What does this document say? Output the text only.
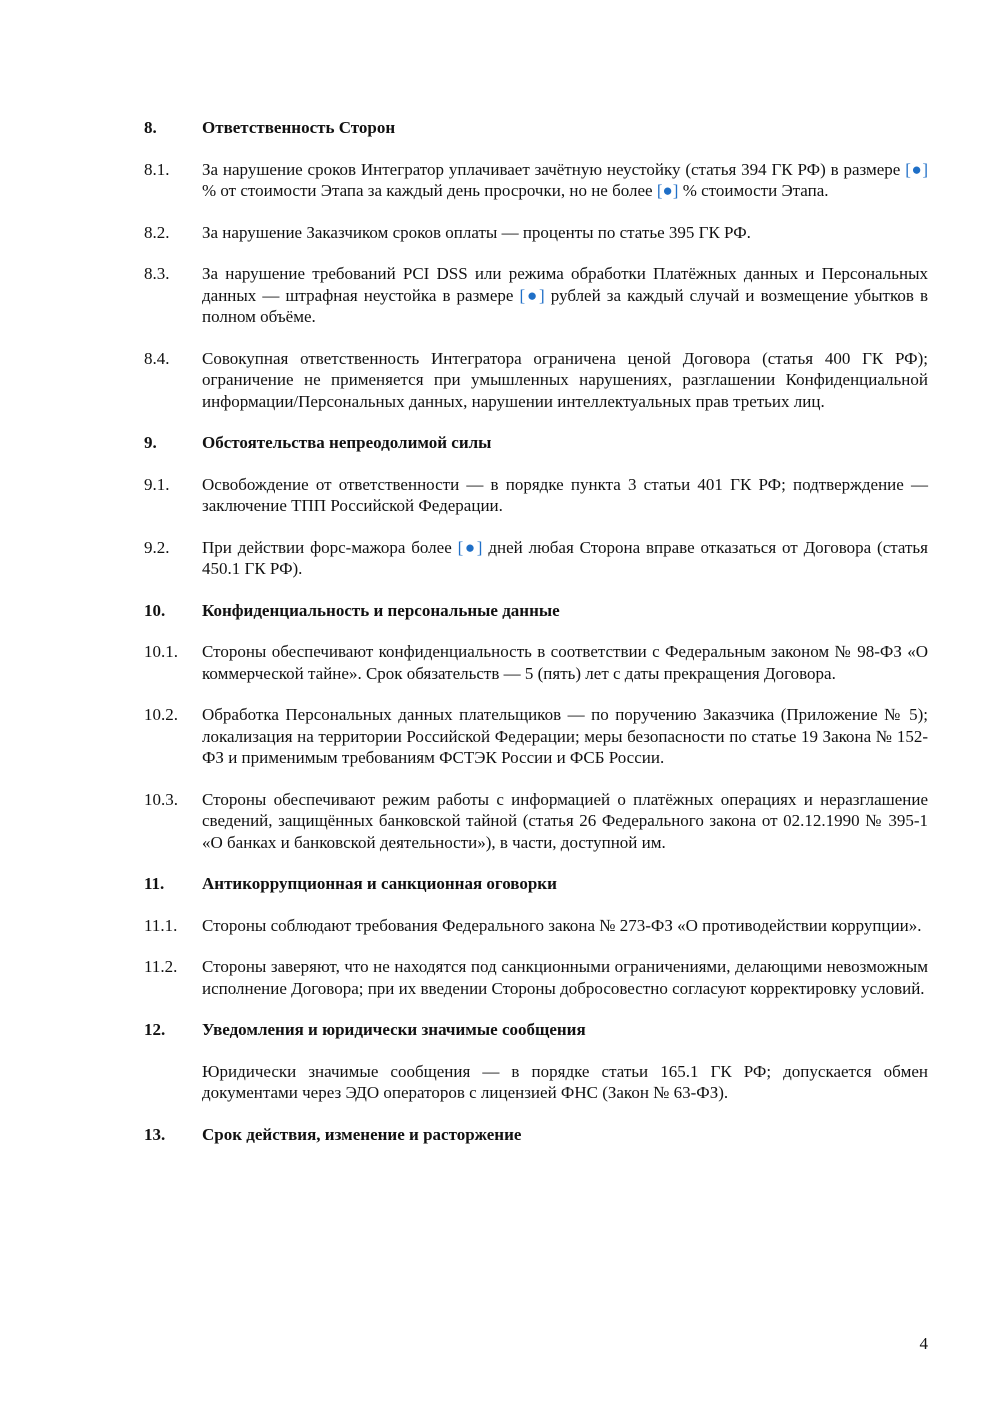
8.	Ответственность Сторон
8.1.	За нарушение сроков Интегратор уплачивает зачётную неустойку (статья 394 ГК РФ) в размере [●] % от стоимости Этапа за каждый день просрочки, но не более [●] % стоимости Этапа.
8.2.	За нарушение Заказчиком сроков оплаты — проценты по статье 395 ГК РФ.
8.3.	За нарушение требований PCI DSS или режима обработки Платёжных данных и Персональных данных — штрафная неустойка в размере [●] рублей за каждый случай и возмещение убытков в полном объёме.
8.4.	Совокупная ответственность Интегратора ограничена ценой Договора (статья 400 ГК РФ); ограничение не применяется при умышленных нарушениях, разглашении Конфиденциальной информации/Персональных данных, нарушении интеллектуальных прав третьих лиц.
9.	Обстоятельства непреодолимой силы
9.1.	Освобождение от ответственности — в порядке пункта 3 статьи 401 ГК РФ; подтверждение — заключение ТПП Российской Федерации.
9.2.	При действии форс-мажора более [●] дней любая Сторона вправе отказаться от Договора (статья 450.1 ГК РФ).
10.	Конфиденциальность и персональные данные
10.1.	Стороны обеспечивают конфиденциальность в соответствии с Федеральным законом № 98-ФЗ «О коммерческой тайне». Срок обязательств — 5 (пять) лет с даты прекращения Договора.
10.2.	Обработка Персональных данных плательщиков — по поручению Заказчика (Приложение № 5); локализация на территории Российской Федерации; меры безопасности по статье 19 Закона № 152-ФЗ и применимым требованиям ФСТЭК России и ФСБ России.
10.3.	Стороны обеспечивают режим работы с информацией о платёжных операциях и неразглашение сведений, защищённых банковской тайной (статья 26 Федерального закона от 02.12.1990 № 395-1 «О банках и банковской деятельности»), в части, доступной им.
11.	Антикоррупционная и санкционная оговорки
11.1.	Стороны соблюдают требования Федерального закона № 273-ФЗ «О противодействии коррупции».
11.2.	Стороны заверяют, что не находятся под санкционными ограничениями, делающими невозможным исполнение Договора; при их введении Стороны добросовестно согласуют корректировку условий.
12.	Уведомления и юридически значимые сообщения
Юридически значимые сообщения — в порядке статьи 165.1 ГК РФ; допускается обмен документами через ЭДО операторов с лицензией ФНС (Закон № 63-ФЗ).
13.	Срок действия, изменение и расторжение
4
